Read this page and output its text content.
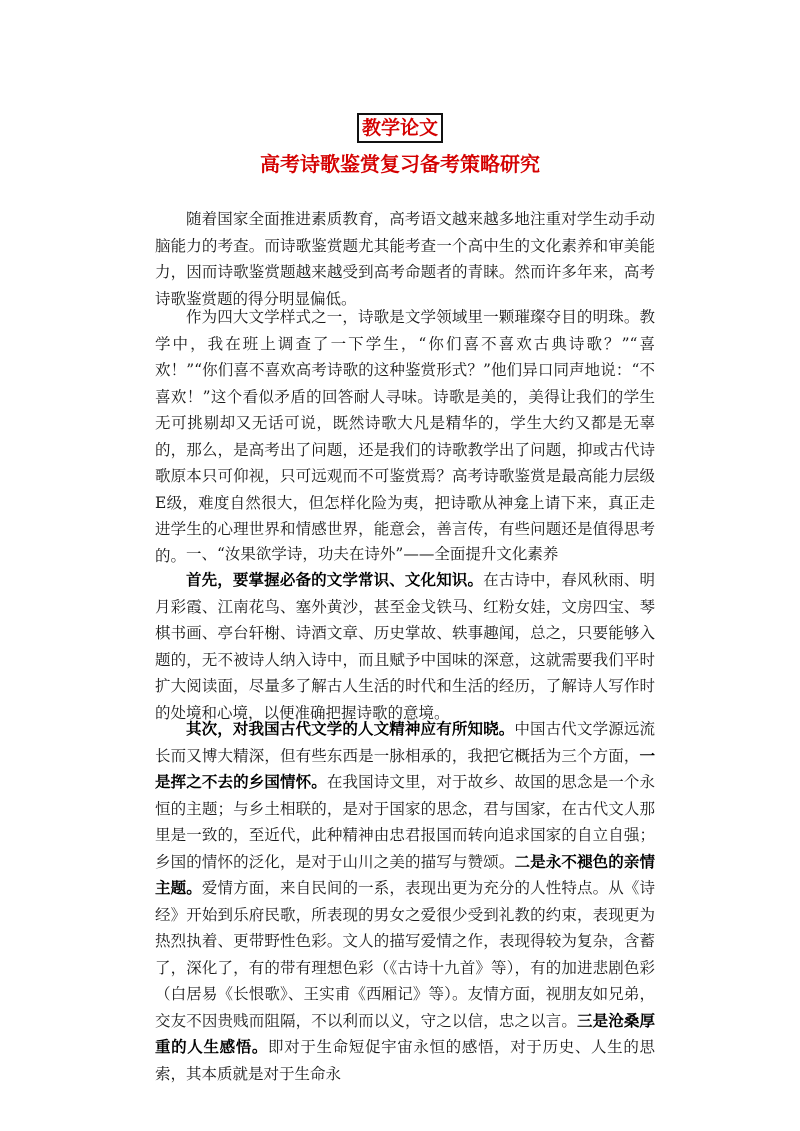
教学论文
高考诗歌鉴赏复习备考策略研究

随着国家全面推进素质教育，高考语文越来越多地注重对学生动手动脑能力的考查。而诗歌鉴赏题尤其能考查一个高中生的文化素养和审美能力，因而诗歌鉴赏题越来越受到高考命题者的青睐。然而许多年来，高考诗歌鉴赏题的得分明显偏低。

作为四大文学样式之一，诗歌是文学领域里一颗璀璨夺目的明珠。教学中，我在班上调查了一下学生，“你们喜不喜欢古典诗歌？”“喜欢！”“你们喜不喜欢高考诗歌的这种鉴赏形式？”他们异口同声地说：“不喜欢！”这个看似矛盾的回答耐人寻味。诗歌是美的，美得让我们的学生无可挑剔却又无话可说，既然诗歌大凡是精华的，学生大约又都是无辜的，那么，是高考出了问题，还是我们的诗歌教学出了问题，抑或古代诗歌原本只可仰视，只可远观而不可鉴赏焉？高考诗歌鉴赏是最高能力层级E级，难度自然很大，但怎样化险为夷，把诗歌从神龛上请下来，真正走进学生的心理世界和情感世界，能意会，善言传，有些问题还是值得思考的。 一、“汝果欲学诗，功夫在诗外”——全面提升文化素养

首先，要掌握必备的文学常识、文化知识。在古诗中，春风秋雨、明月彩霞、江南花鸟、塞外黄沙，甚至金戈铁马、红粉女娃，文房四宝、琴棋书画、亭台轩榭、诗酒文章、历史掌故、轶事趣闻，总之，只要能够入题的，无不被诗人纳入诗中，而且赋予中国味的深意，这就需要我们平时扩大阅读面，尽量多了解古人生活的时代和生活的经历，了解诗人写作时的处境和心境，以便准确把握诗歌的意境。

其次，对我国古代文学的人文精神应有所知晓。中国古代文学源远流长而又博大精深，但有些东西是一脉相承的，我把它概括为三个方面，一是挥之不去的乡国情怀。在我国诗文里，对于故乡、故国的思念是一个永恒的主题；与乡土相联的，是对于国家的思念，君与国家，在古代文人那里是一致的，至近代，此种精神由忠君报国而转向追求国家的自立自强；乡国的情怀的泛化，是对于山川之美的描写与赞颂。二是永不褪色的亲情主题。爱情方面，来自民间的一系，表现出更为充分的人性特点。从《诗经》开始到乐府民歌，所表现的男女之爱很少受到礼教的约束，表现更为热烈执着、更带野性色彩。文人的描写爱情之作，表现得较为复杂，含蓄了，深化了，有的带有理想色彩（《古诗十九首》等），有的加进悲剧色彩（白居易《长恨歌》、王实甫《西厢记》等）。友情方面，视朋友如兄弟，交友不因贵贱而阻隔，不以利而以义，守之以信，忠之以言。三是沧桑厚重的人生感悟。即对于生命短促宇宙永恒的感悟，对于历史、人生的思索，其本质就是对于生命永
